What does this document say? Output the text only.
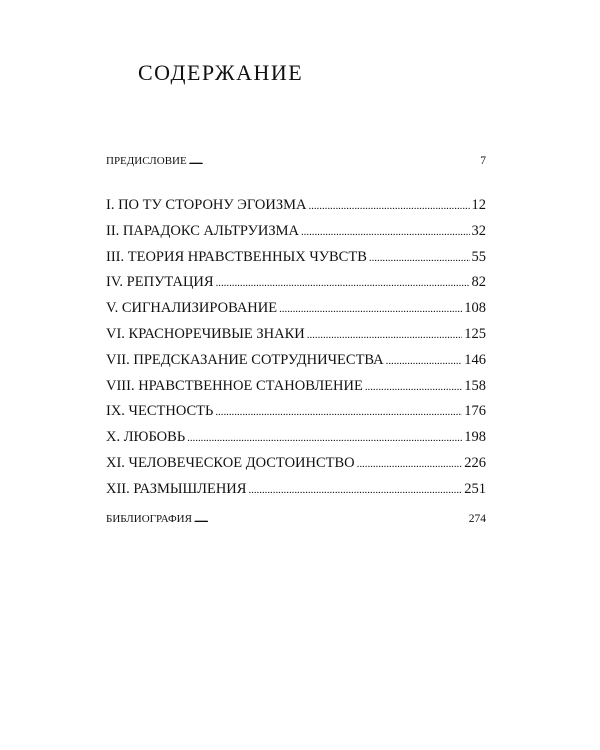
СОДЕРЖАНИЕ
ПРЕДИСЛОВИЕ . . .	7
I. ПО ТУ СТОРОНУ ЭГОИЗМА . . .	12
II. ПАРАДОКС АЛЬТРУИЗМА . . .	32
III. ТЕОРИЯ НРАВСТВЕННЫХ ЧУВСТВ . . .	55
IV. РЕПУТАЦИЯ . . .	82
V. СИГНАЛИЗИРОВАНИЕ . . .	108
VI. КРАСНОРЕЧИВЫЕ ЗНАКИ . . .	125
VII. ПРЕДСКАЗАНИЕ СОТРУДНИЧЕСТВА . . .	146
VIII. НРАВСТВЕННОЕ СТАНОВЛЕНИЕ . . .	158
IX. ЧЕСТНОСТЬ . . .	176
X. ЛЮБОВЬ . . .	198
XI. ЧЕЛОВЕЧЕСКОЕ ДОСТОИНСТВО . . .	226
XII. РАЗМЫШЛЕНИЯ . . .	251
БИБЛИОГРАФИЯ . . .	274
